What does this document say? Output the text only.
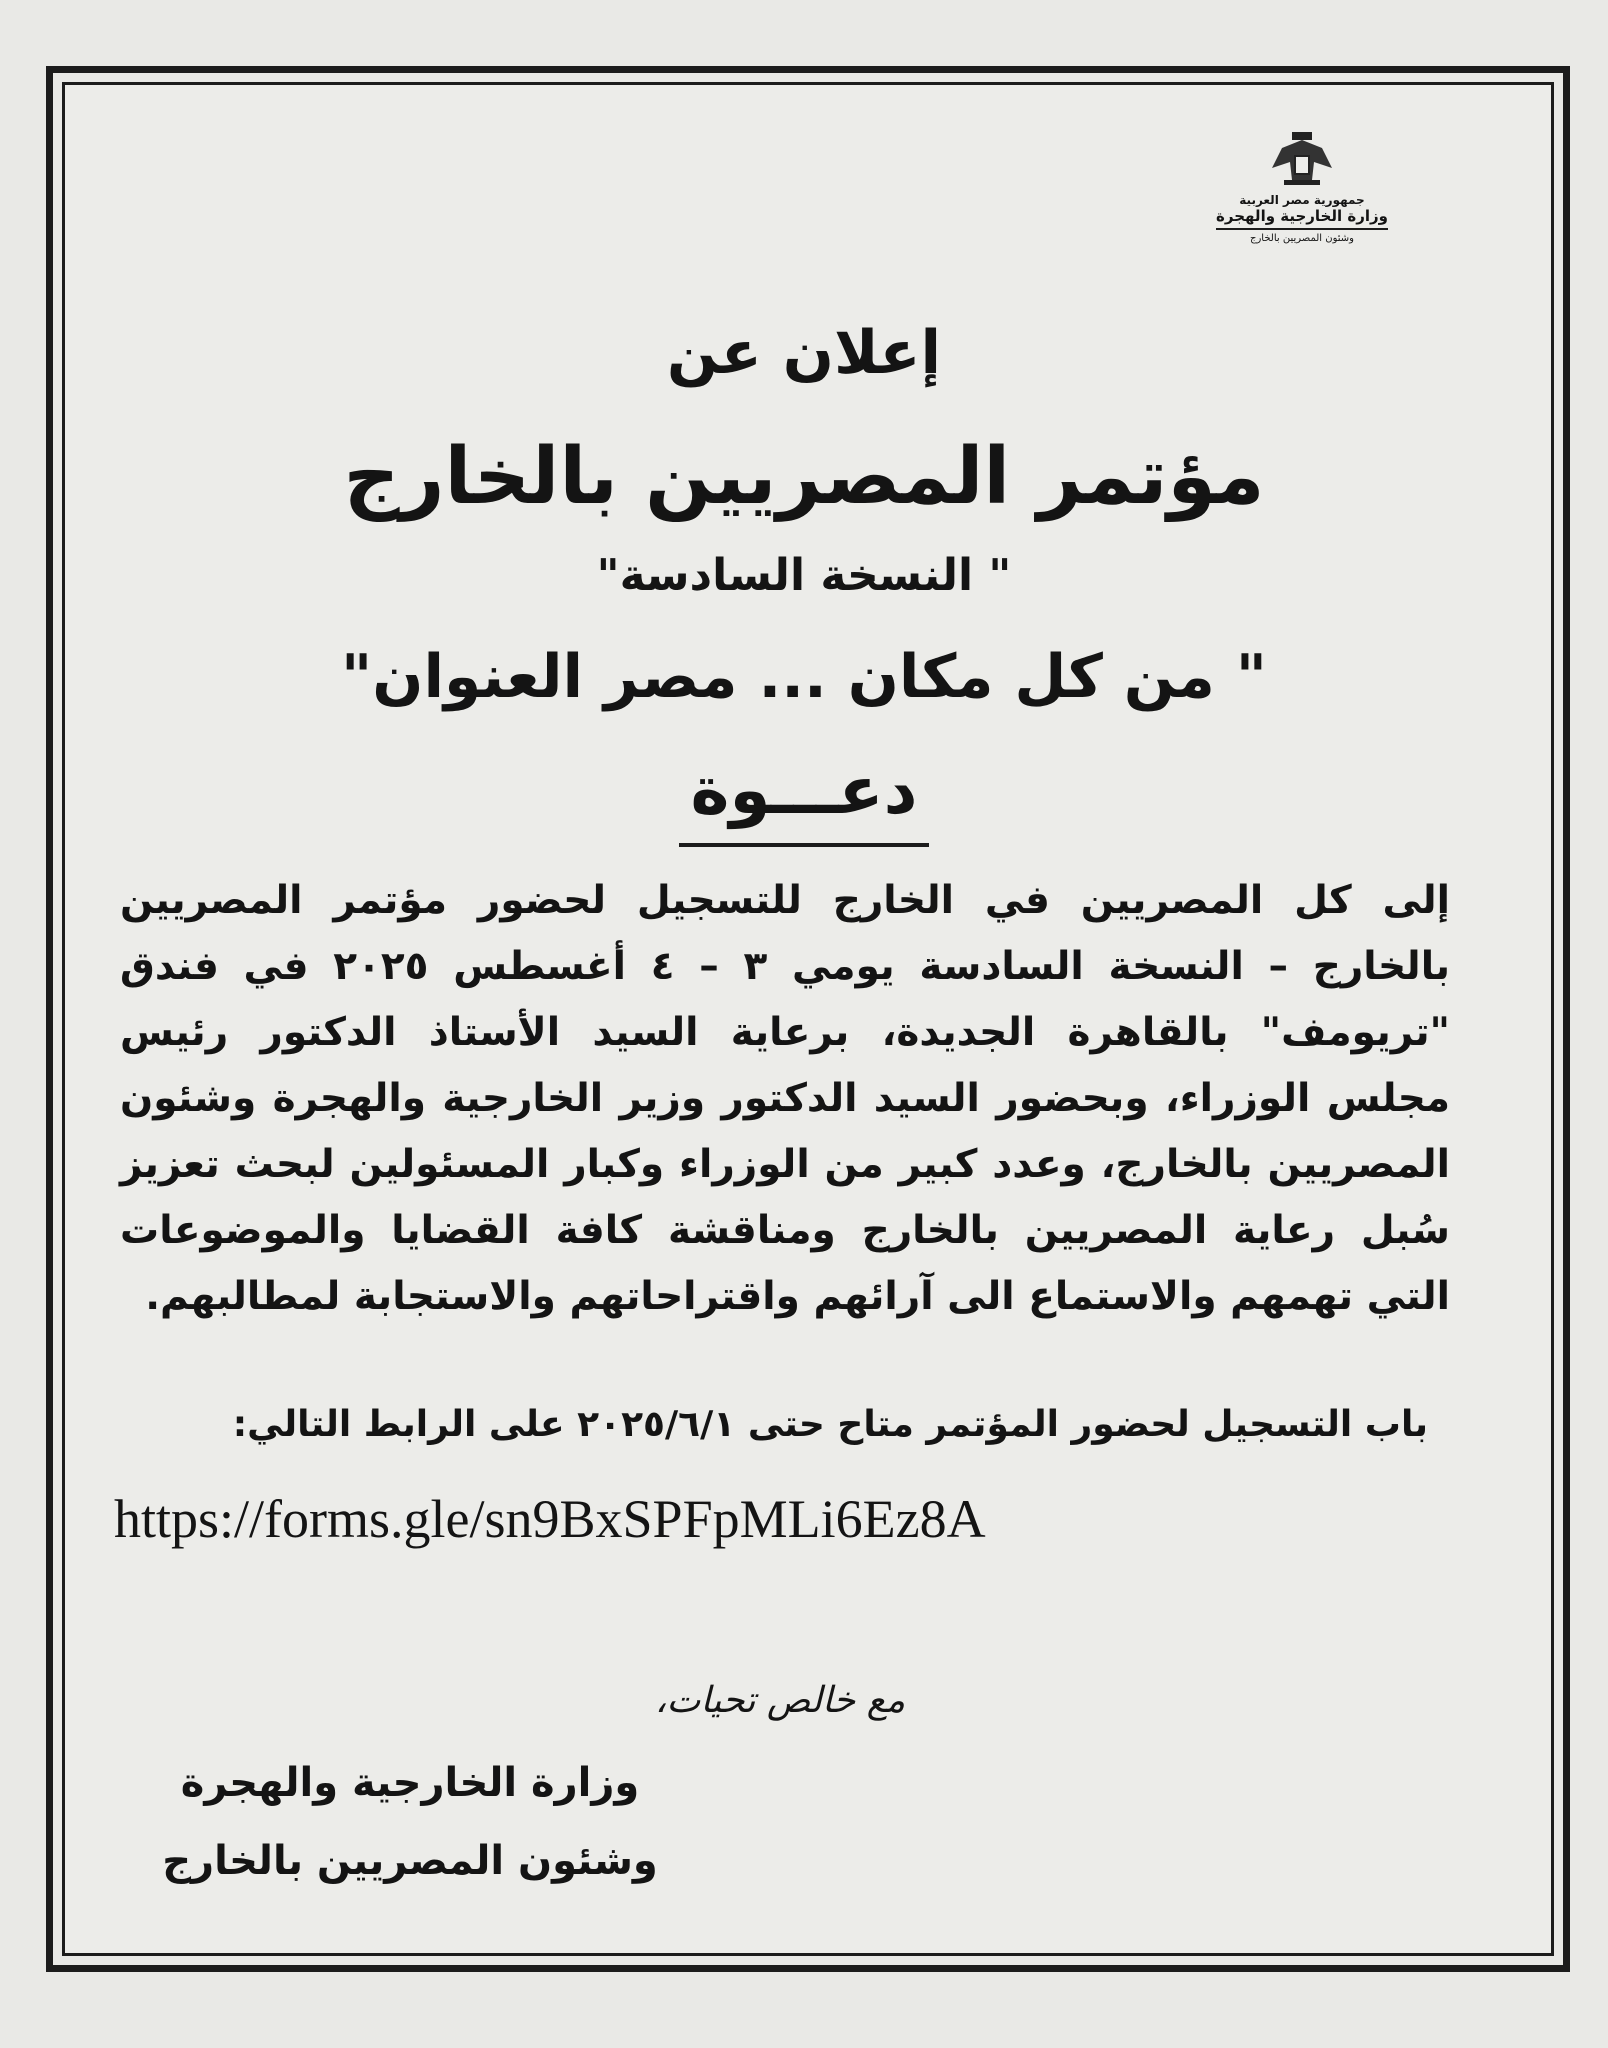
جمهورية مصر العربية
وزارة الخارجية والهجرة
وشئون المصريين بالخارج
إعلان عن
مؤتمر المصريين بالخارج
" النسخة السادسة"
" من كل مكان ... مصر العنوان"
دعـــوة
إلى كل المصريين في الخارج للتسجيل لحضور مؤتمر المصريين بالخارج – النسخة السادسة يومي ٣ – ٤ أغسطس ٢٠٢٥ في فندق "تريومف" بالقاهرة الجديدة، برعاية السيد الأستاذ الدكتور رئيس مجلس الوزراء، وبحضور السيد الدكتور وزير الخارجية والهجرة وشئون المصريين بالخارج، وعدد كبير من الوزراء وكبار المسئولين لبحث تعزيز سُبل رعاية المصريين بالخارج ومناقشة كافة القضايا والموضوعات التي تهمهم والاستماع الى آرائهم واقتراحاتهم والاستجابة لمطالبهم.
باب التسجيل لحضور المؤتمر متاح حتى ٢٠٢٥/٦/١ على الرابط التالي:
https://forms.gle/sn9BxSPFpMLi6Ez8A
مع خالص تحيات،
وزارة الخارجية والهجرة
وشئون المصريين بالخارج
